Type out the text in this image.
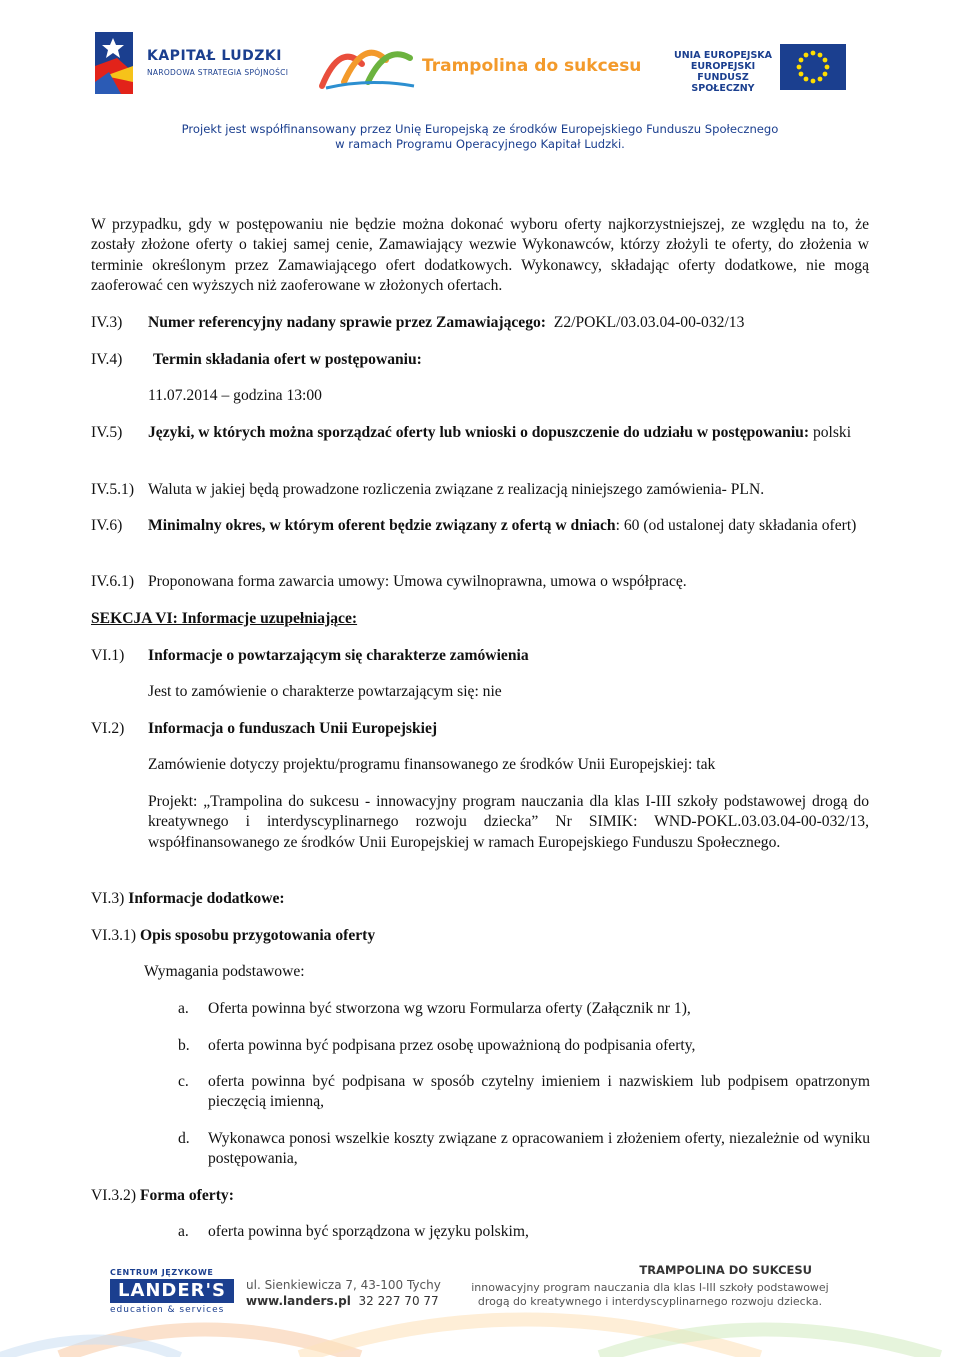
KAPITAŁ LUDZKI
NARODOWA STRATEGIA SPÓJNOŚCI	Trampolina do sukcesu
UNIA EUROPEJSKA
EUROPEJSKI
FUNDUSZ SPOŁECZNY
Projekt jest współfinansowany przez Unię Europejską ze środków Europejskiego Funduszu Społecznego
w ramach Programu Operacyjnego Kapitał Ludzki.
W przypadku, gdy w postępowaniu nie będzie można dokonać wyboru oferty najkorzystniejszej, ze względu na to, że zostały złożone oferty o takiej samej cenie, Zamawiający wezwie Wykonawców, którzy złożyli te oferty, do złożenia w terminie określonym przez Zamawiającego ofert dodatkowych. Wykonawcy, składając oferty dodatkowe, nie mogą zaoferować cen wyższych niż zaoferowane w złożonych ofertach.
IV.3) Numer referencyjny nadany sprawie przez Zamawiającego: Z2/POKL/03.03.04-00-032/13
IV.4) Termin składania ofert w postępowaniu:
11.07.2014 – godzina 13:00
IV.5) Języki, w których można sporządzać oferty lub wnioski o dopuszczenie do udziału w postępowaniu: polski
IV.5.1) Waluta w jakiej będą prowadzone rozliczenia związane z realizacją niniejszego zamówienia- PLN.
IV.6) Minimalny okres, w którym oferent będzie związany z ofertą w dniach: 60 (od ustalonej daty składania ofert)
IV.6.1) Proponowana forma zawarcia umowy: Umowa cywilnoprawna, umowa o współpracę.
SEKCJA VI: Informacje uzupełniające:
VI.1) Informacje o powtarzającym się charakterze zamówienia
Jest to zamówienie o charakterze powtarzającym się: nie
VI.2) Informacja o funduszach Unii Europejskiej
Zamówienie dotyczy projektu/programu finansowanego ze środków Unii Europejskiej: tak
Projekt: „Trampolina do sukcesu - innowacyjny program nauczania dla klas I-III szkoły podstawowej drogą do kreatywnego i interdyscyplinarnego rozwoju dziecka” Nr SIMIK: WND-POKL.03.03.04-00-032/13, współfinansowanego ze środków Unii Europejskiej w ramach Europejskiego Funduszu Społecznego.
VI.3) Informacje dodatkowe:
VI.3.1) Opis sposobu przygotowania oferty
Wymagania podstawowe:
a. Oferta powinna być stworzona wg wzoru Formularza oferty (Załącznik nr 1),
b. oferta powinna być podpisana przez osobę upoważnioną do podpisania oferty,
c. oferta powinna być podpisana w sposób czytelny imieniem i nazwiskiem lub podpisem opatrzonym pieczęcią imienną,
d. Wykonawca ponosi wszelkie koszty związane z opracowaniem i złożeniem oferty, niezależnie od wyniku postępowania,
VI.3.2) Forma oferty:
a. oferta powinna być sporządzona w języku polskim,
CENTRUM JĘZYKOWE
LANDER'S
education & services
ul. Sienkiewicza 7, 43-100 Tychy
www.landers.pl 32 227 70 77
TRAMPOLINA DO SUKCESU
innowacyjny program nauczania dla klas I-III szkoły podstawowej
drogą do kreatywnego i interdyscyplinarnego rozwoju dziecka.
